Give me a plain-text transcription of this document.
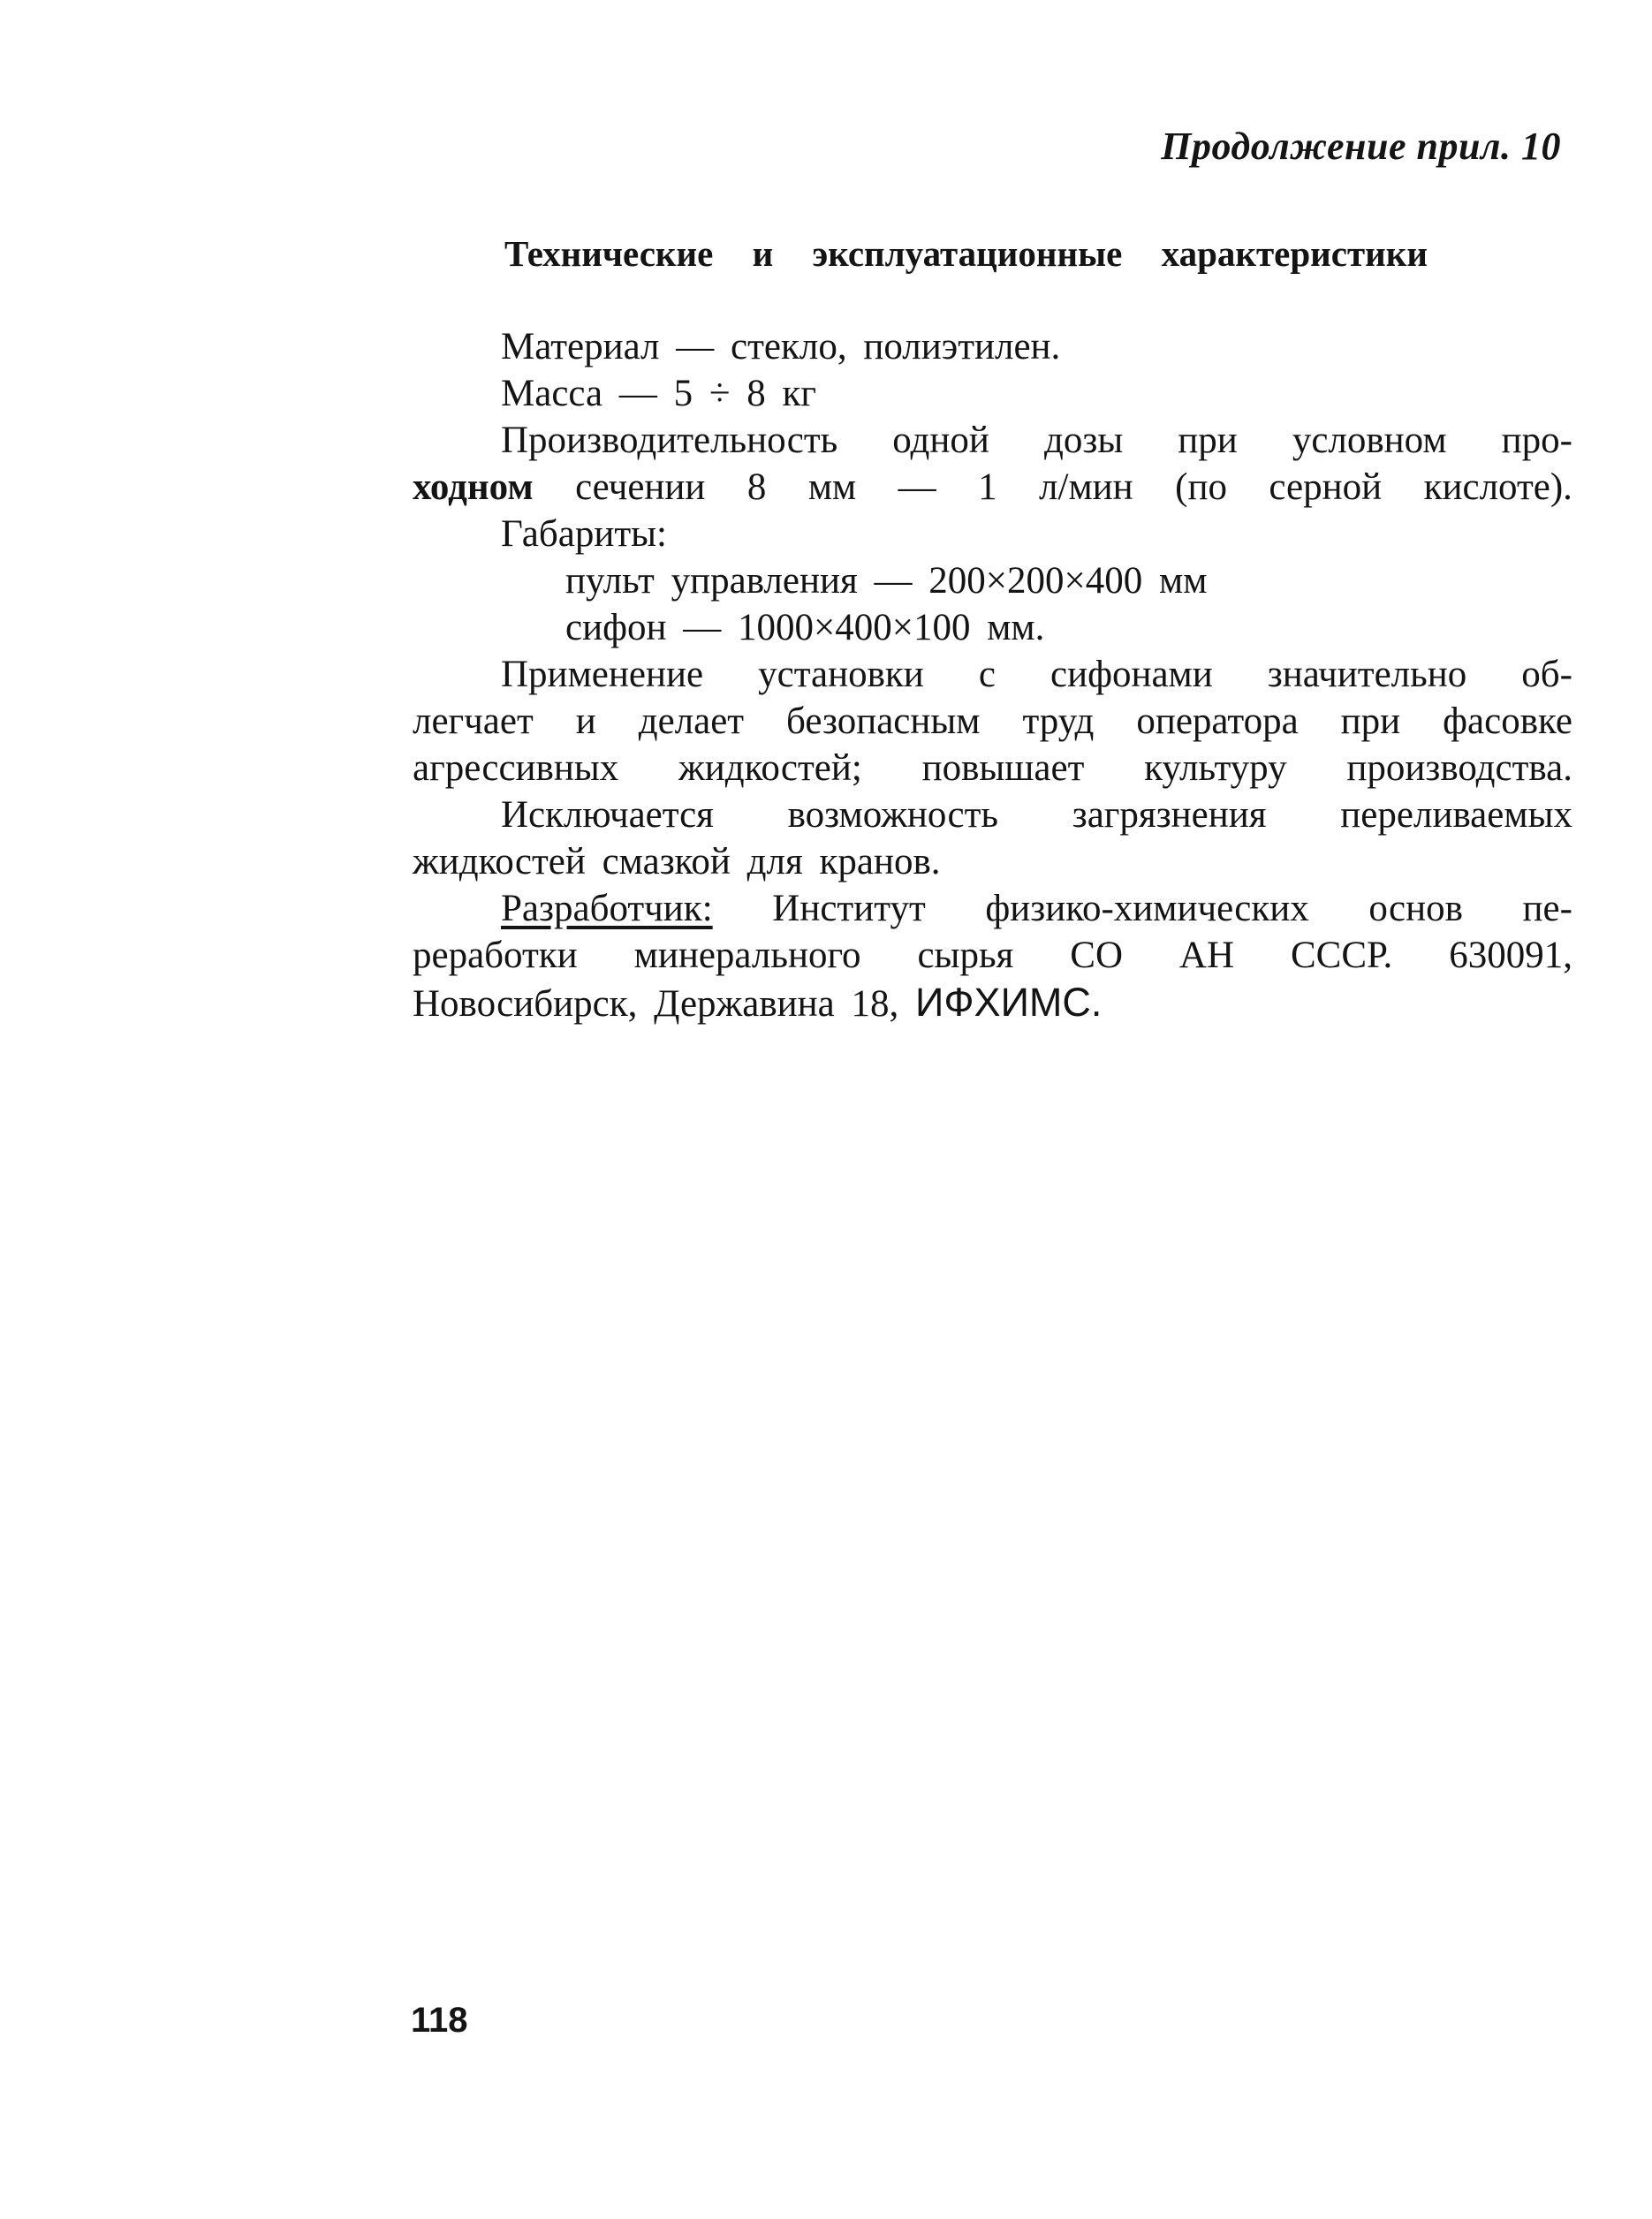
Продолжение прил. 10
Технические и эксплуатационные характеристики
Материал — стекло, полиэтилен.
Масса — 5 ÷ 8 кг
Производительность одной дозы при условном про-
ходном сечении 8 мм — 1 л/мин (по серной кислоте).
Габариты:
пульт управления — 200×200×400 мм
сифон — 1000×400×100 мм.
Применение установки с сифонами значительно об-
легчает и делает безопасным труд оператора при фасовке
агрессивных жидкостей; повышает культуру производства.
Исключается возможность загрязнения переливаемых
жидкостей смазкой для кранов.
Разработчик: Институт физико-химических основ пе-
реработки минерального сырья СО АН СССР. 630091,
Новосибирск, Державина 18, ИФХИМС.
118
